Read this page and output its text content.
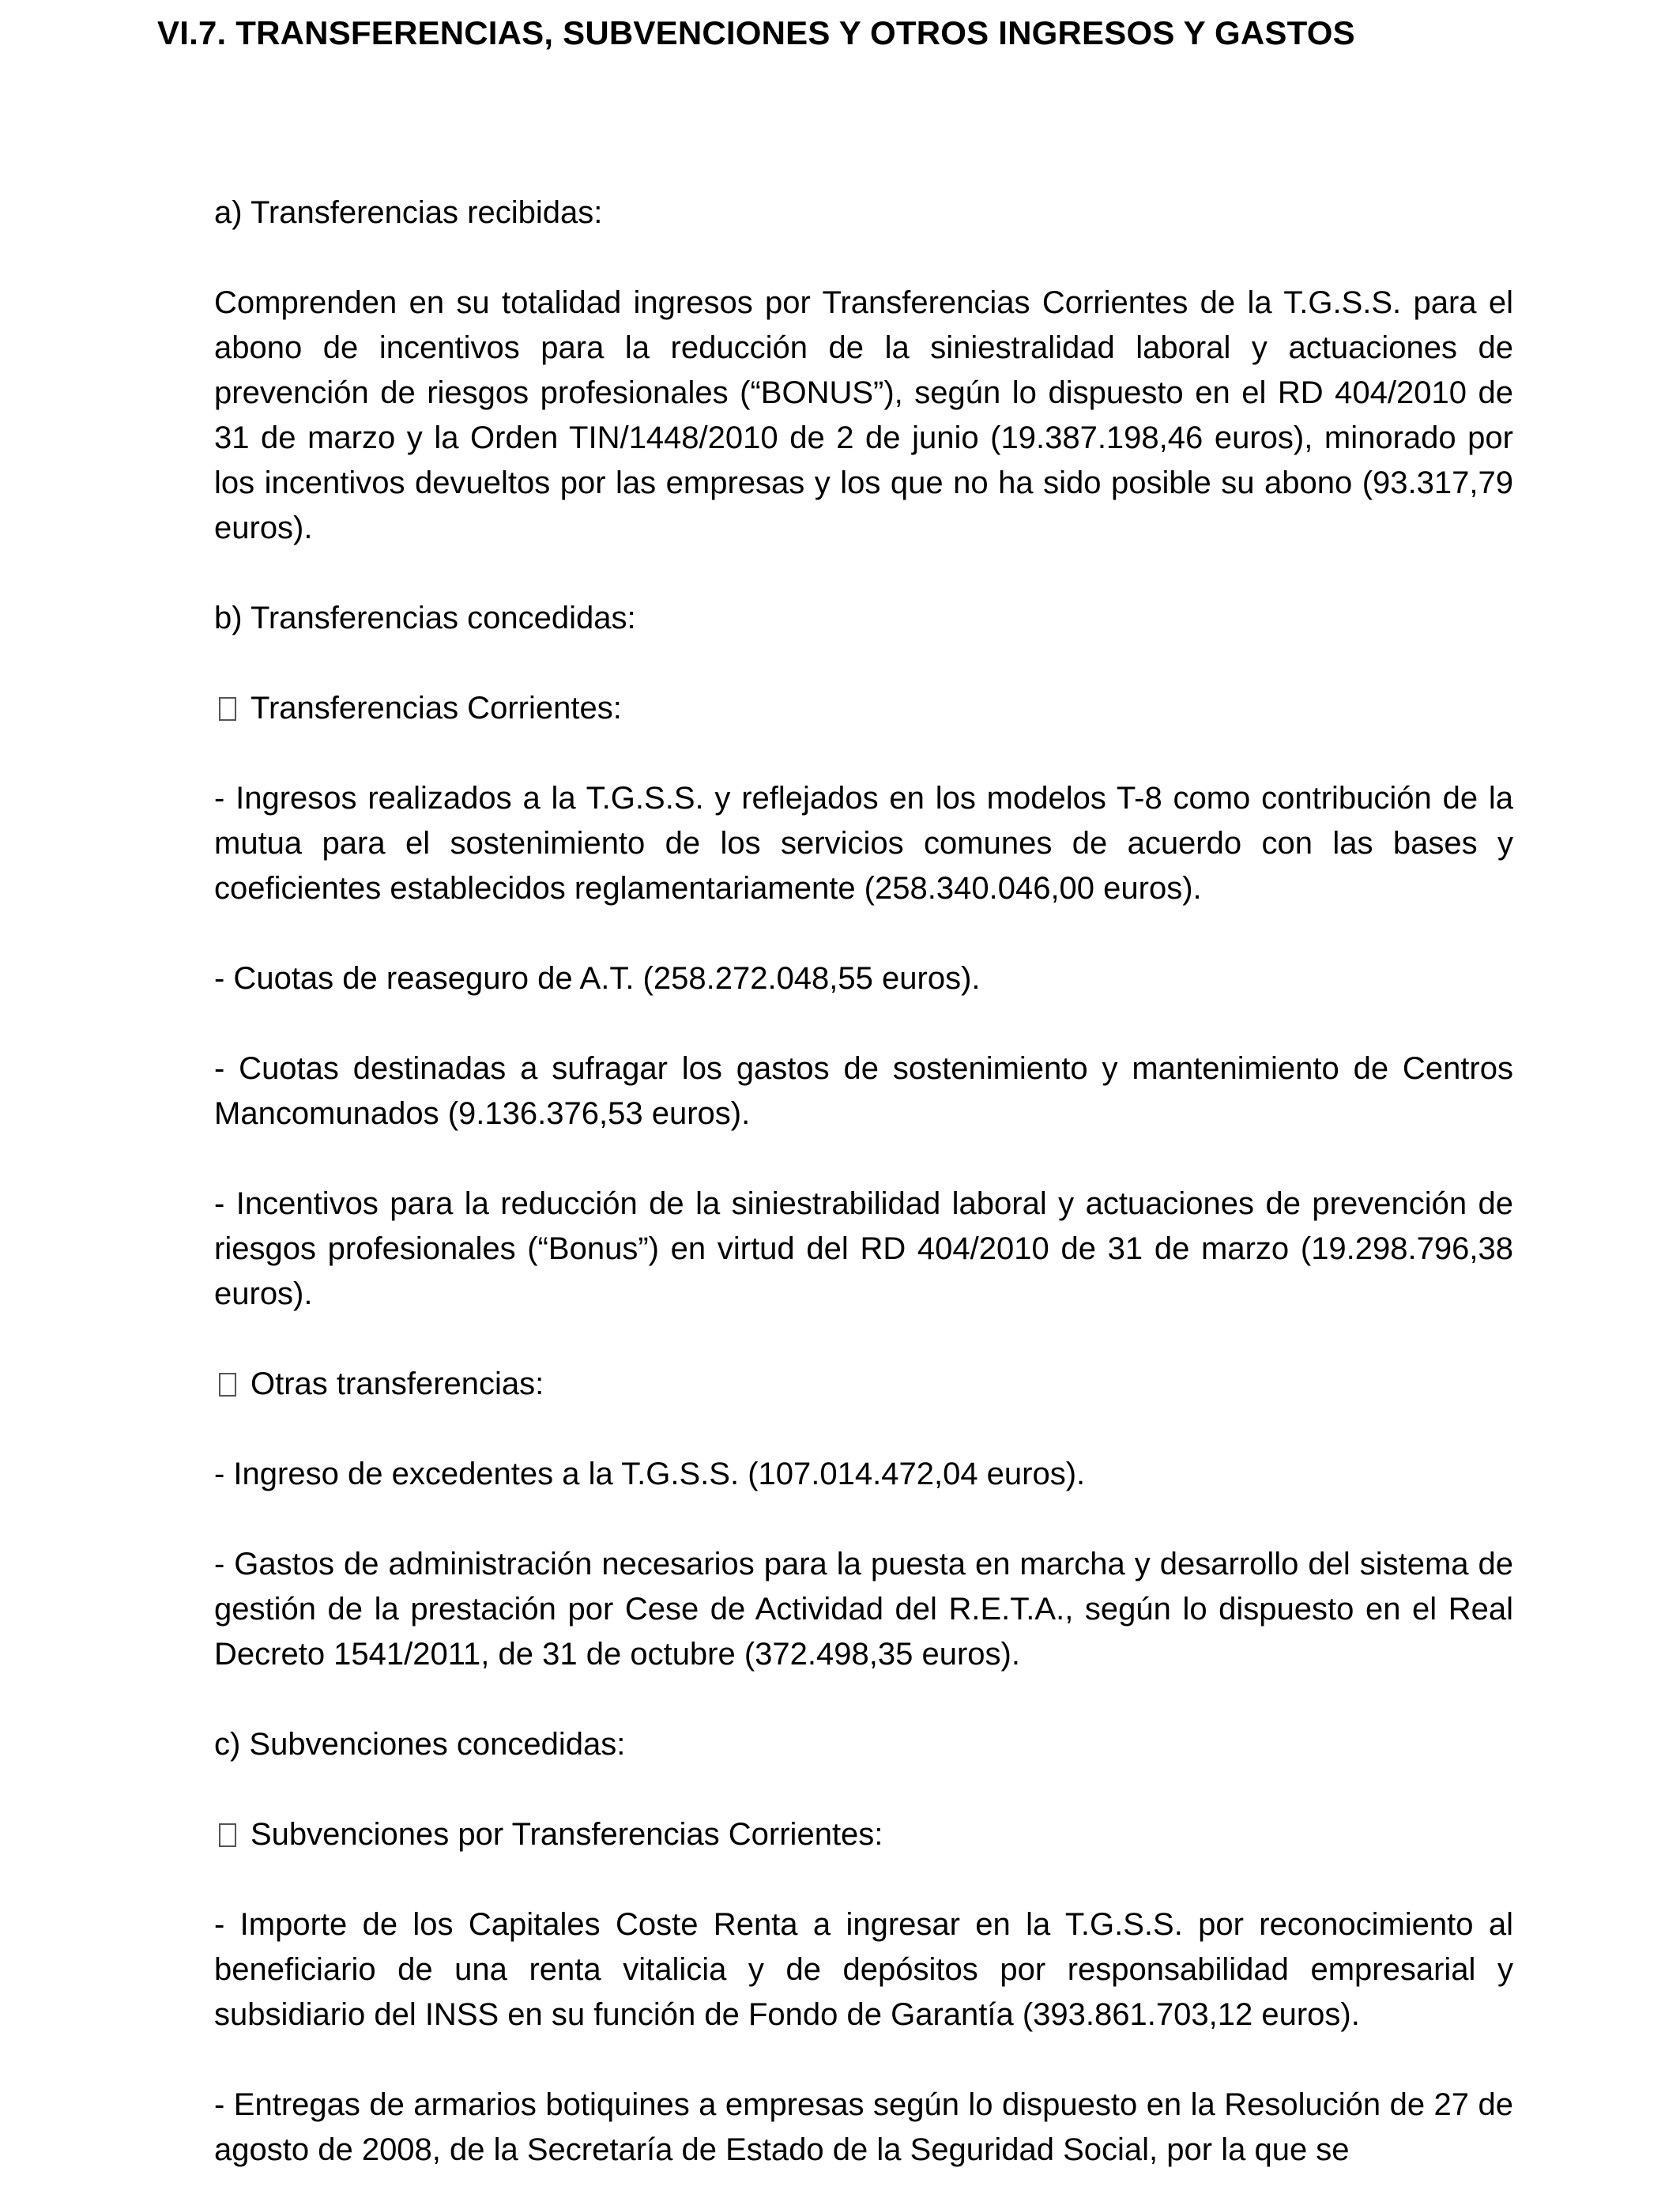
VI.7. TRANSFERENCIAS, SUBVENCIONES Y OTROS INGRESOS Y GASTOS

a) Transferencias recibidas:

Comprenden en su totalidad ingresos por Transferencias Corrientes de la T.G.S.S. para el abono de incentivos para la reducción de la siniestralidad laboral y actuaciones de prevención de riesgos profesionales (“BONUS”), según lo dispuesto en el RD 404/2010 de 31 de marzo y la Orden TIN/1448/2010 de 2 de junio (19.387.198,46 euros), minorado por los incentivos devueltos por las empresas y los que no ha sido posible su abono (93.317,79 euros).

b) Transferencias concedidas:

Transferencias Corrientes:

- Ingresos realizados a la T.G.S.S. y reflejados en los modelos T-8 como contribución de la mutua para el sostenimiento de los servicios comunes de acuerdo con las bases y coeficientes establecidos reglamentariamente (258.340.046,00 euros).

- Cuotas de reaseguro de A.T. (258.272.048,55 euros).

- Cuotas destinadas a sufragar los gastos de sostenimiento y mantenimiento de Centros Mancomunados (9.136.376,53 euros).

- Incentivos para la reducción de la siniestrabilidad laboral y actuaciones de prevención de riesgos profesionales (“Bonus”) en virtud del RD 404/2010 de 31 de marzo (19.298.796,38 euros).

Otras transferencias:

- Ingreso de excedentes a la T.G.S.S. (107.014.472,04 euros).

- Gastos de administración necesarios para la puesta en marcha y desarrollo del sistema de gestión de la prestación por Cese de Actividad del R.E.T.A., según lo dispuesto en el Real Decreto 1541/2011, de 31 de octubre (372.498,35 euros).

c) Subvenciones concedidas:

Subvenciones por Transferencias Corrientes:

- Importe de los Capitales Coste Renta a ingresar en la T.G.S.S. por reconocimiento al beneficiario de una renta vitalicia y de depósitos por responsabilidad empresarial y subsidiario del INSS en su función de Fondo de Garantía (393.861.703,12 euros).

- Entregas de armarios botiquines a empresas según lo dispuesto en la Resolución de 27 de agosto de 2008, de la Secretaría de Estado de la Seguridad Social, por la que se
